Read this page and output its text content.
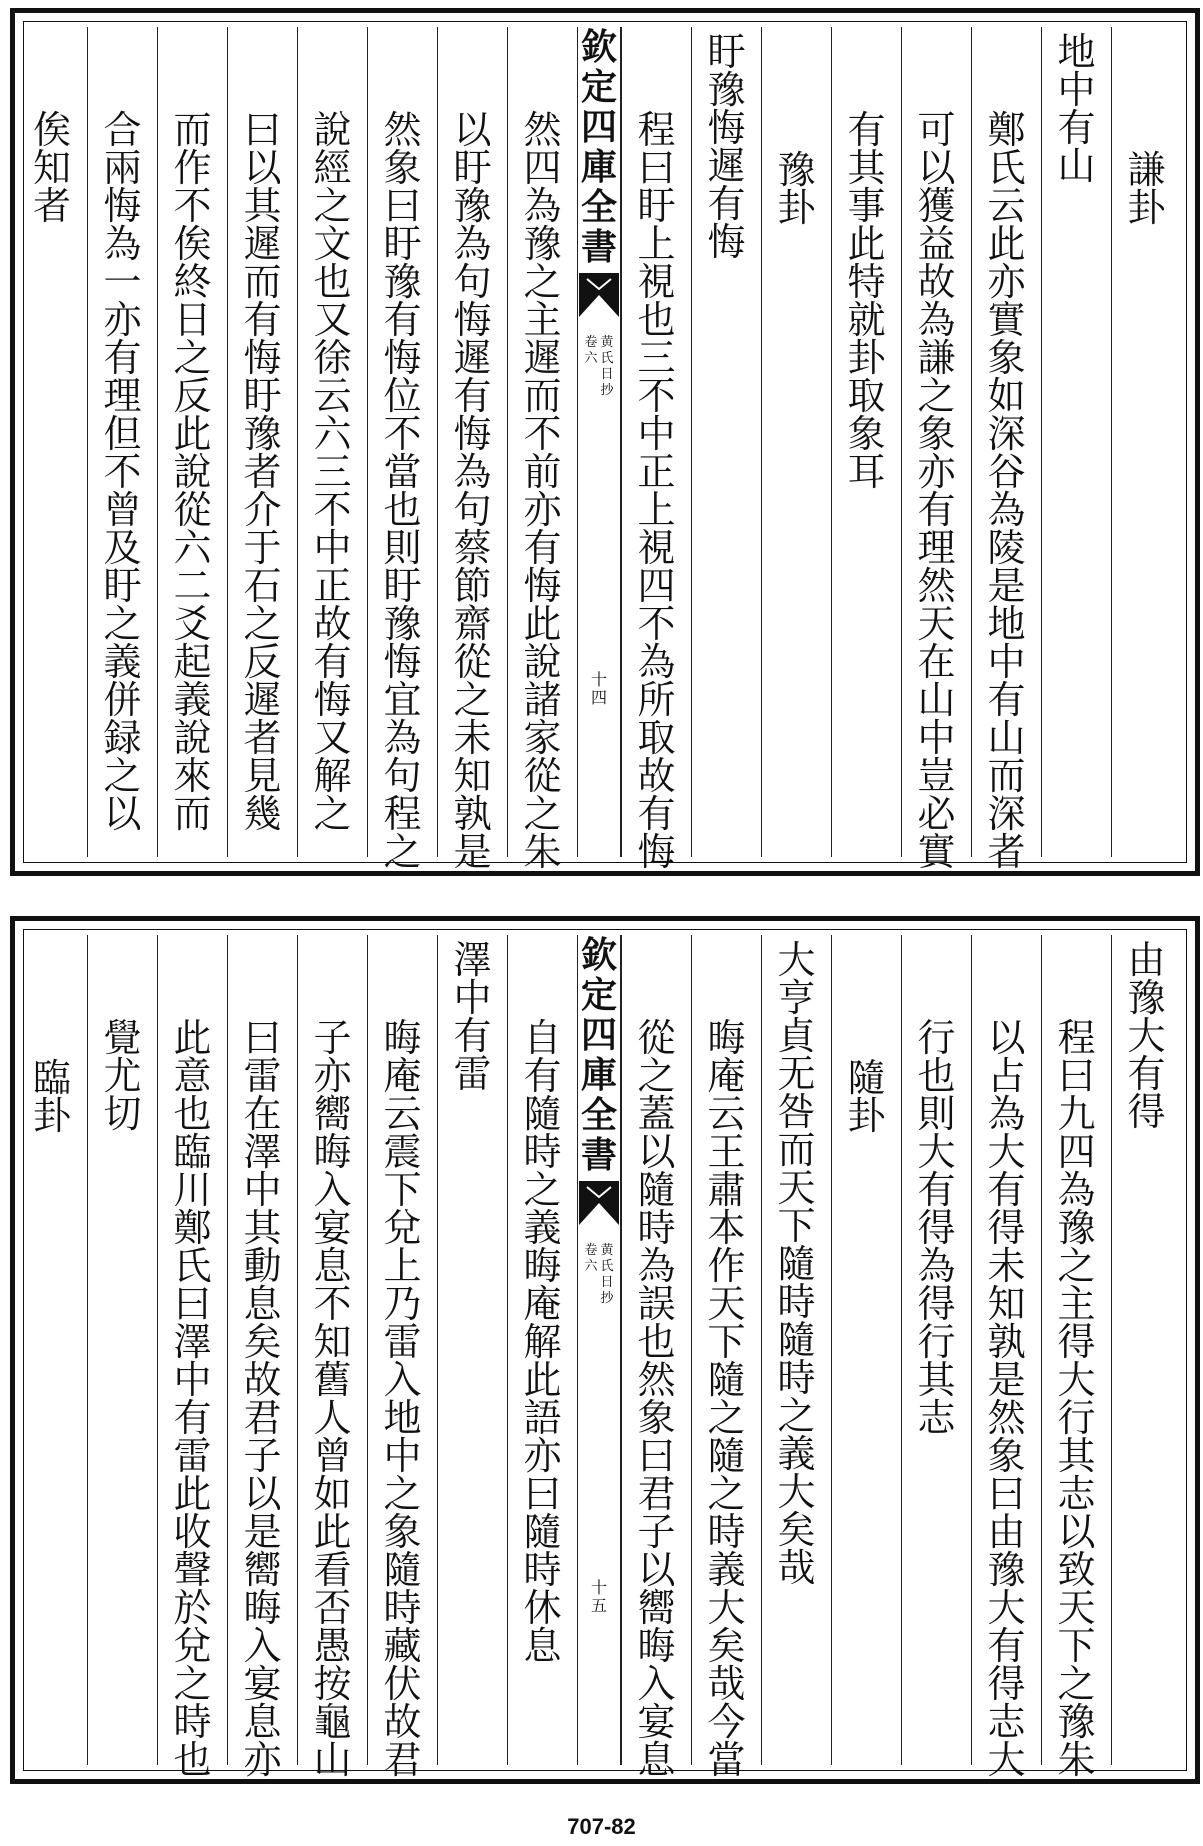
謙
卦
地
中
有
山
鄭
氏
云
此
亦
實
象
如
深
谷
為
陵
是
地
中
有
山
而
深
者
可
以
獲
益
故
為
謙
之
象
亦
有
理
然
天
在
山
中
豈
必
實
有
其
事
此
特
就
卦
取
象
耳
豫
卦
盱
豫
悔
遲
有
悔
程
曰
盱
上
視
也
三
不
中
正
上
視
四
不
為
所
取
故
有
悔
欽
定
四
庫
全
書
黄
氏
日
抄
卷
六
十
四
然
四
為
豫
之
主
遲
而
不
前
亦
有
悔
此
說
諸
家
從
之
朱
以
盱
豫
為
句
悔
遲
有
悔
為
句
蔡
節
齋
從
之
未
知
孰
是
然
象
曰
盱
豫
有
悔
位
不
當
也
則
盱
豫
悔
宜
為
句
程
之
說
經
之
文
也
又
徐
云
六
三
不
中
正
故
有
悔
又
解
之
曰
以
其
遲
而
有
悔
盱
豫
者
介
于
石
之
反
遲
者
見
幾
而
作
不
俟
終
日
之
反
此
說
從
六
二
爻
起
義
說
來
而
合
兩
悔
為
一
亦
有
理
但
不
曾
及
盱
之
義
併
録
之
以
俟
知
者
由
豫
大
有
得
程
曰
九
四
為
豫
之
主
得
大
行
其
志
以
致
天
下
之
豫
朱
以
占
為
大
有
得
未
知
孰
是
然
象
曰
由
豫
大
有
得
志
大
行
也
則
大
有
得
為
得
行
其
志
隨
卦
大
亨
貞
无
咎
而
天
下
隨
時
隨
時
之
義
大
矣
哉
晦
庵
云
王
肅
本
作
天
下
隨
之
隨
之
時
義
大
矣
哉
今
當
從
之
蓋
以
隨
時
為
誤
也
然
象
曰
君
子
以
嚮
晦
入
宴
息
欽
定
四
庫
全
書
黄
氏
日
抄
卷
六
十
五
自
有
隨
時
之
義
晦
庵
解
此
語
亦
曰
隨
時
休
息
澤
中
有
雷
晦
庵
云
震
下
兌
上
乃
雷
入
地
中
之
象
隨
時
藏
伏
故
君
子
亦
嚮
晦
入
宴
息
不
知
舊
人
曾
如
此
看
否
愚
按
龜
山
曰
雷
在
澤
中
其
動
息
矣
故
君
子
以
是
嚮
晦
入
宴
息
亦
此
意
也
臨
川
鄭
氏
曰
澤
中
有
雷
此
收
聲
於
兌
之
時
也
覺
尤
切
臨
卦
707-82
